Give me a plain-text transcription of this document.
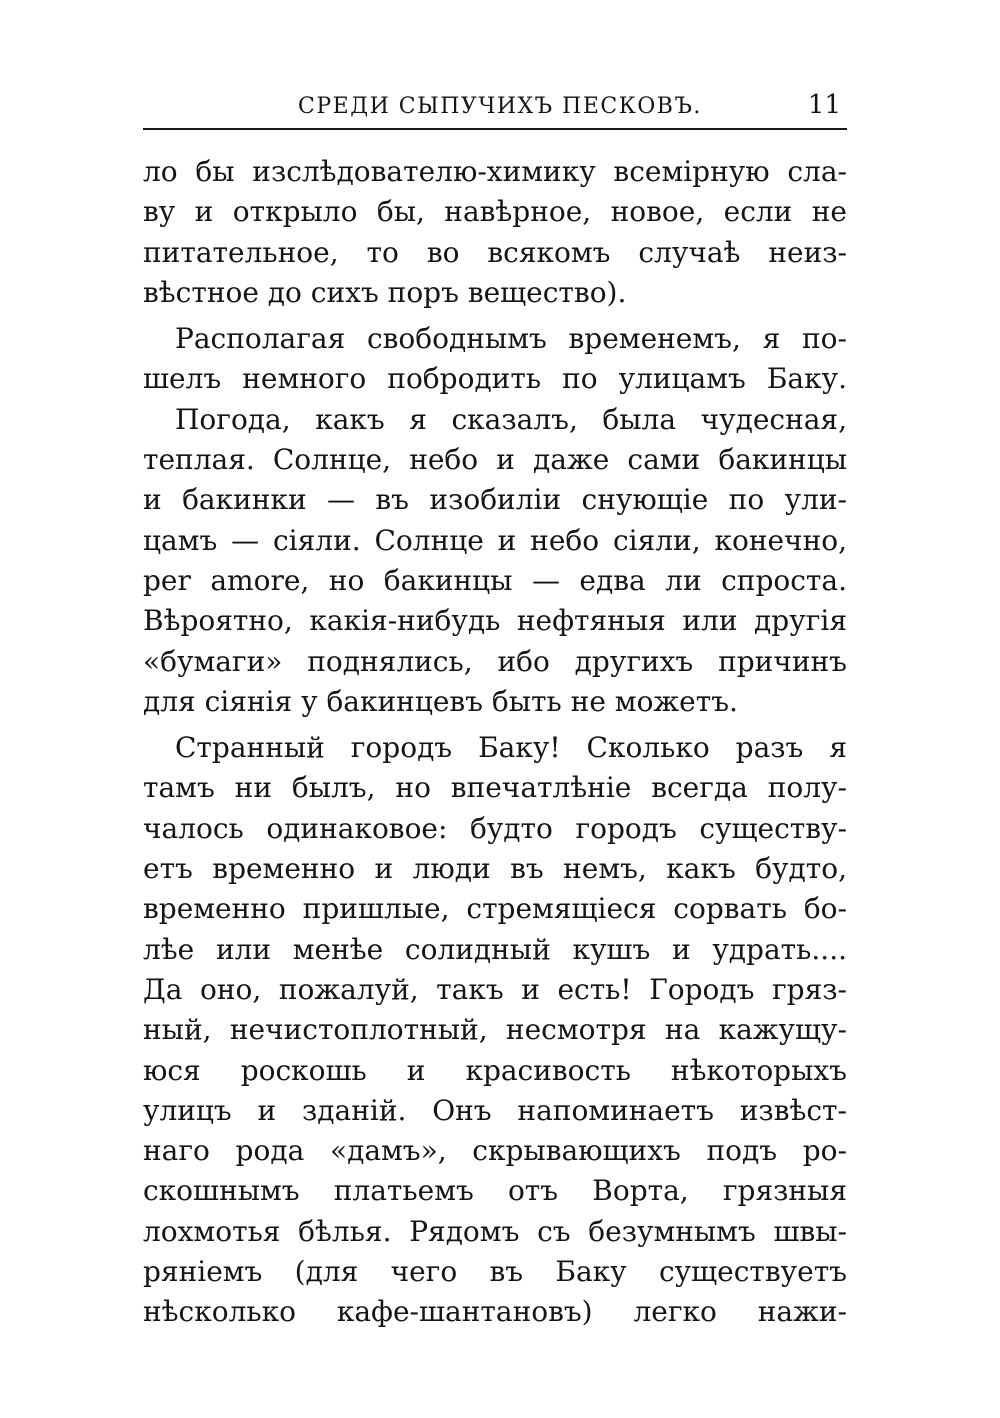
СРЕДИ СЫПУЧИХЪ ПЕСКОВЪ.	11
ло бы изслѣдователю-химику всемірную сла-
ву и открыло бы, навѣрное, новое, если не
питательное, то во всякомъ случаѣ неиз-
вѣстное до сихъ поръ вещество).
Располагая свободнымъ временемъ, я по-
шелъ немного побродить по улицамъ Баку.
Погода, какъ я сказалъ, была чудесная,
теплая. Солнце, небо и даже сами бакинцы
и бакинки — въ изобиліи снующіе по ули-
цамъ — сіяли. Солнце и небо сіяли, конечно,
per amore, но бакинцы — едва ли спроста.
Вѣроятно, какія-нибудь нефтяныя или другія
«бумаги» поднялись, ибо другихъ причинъ
для сіянія у бакинцевъ быть не можетъ.
Странный городъ Баку! Сколько разъ я
тамъ ни былъ, но впечатлѣніе всегда полу-
чалось одинаковое: будто городъ существу-
етъ временно и люди въ немъ, какъ будто,
временно пришлые, стремящіеся сорвать бо-
лѣе или менѣе солидный кушъ и удрать....
Да оно, пожалуй, такъ и есть! Городъ гряз-
ный, нечистоплотный, несмотря на кажущу-
юся роскошь и красивость нѣкоторыхъ
улицъ и зданій. Онъ напоминаетъ извѣст-
наго рода «дамъ», скрывающихъ подъ ро-
скошнымъ платьемъ отъ Ворта, грязныя
лохмотья бѣлья. Рядомъ съ безумнымъ швы-
ряніемъ (для чего въ Баку существуетъ
нѣсколько кафе-шантановъ) легко нажи-
